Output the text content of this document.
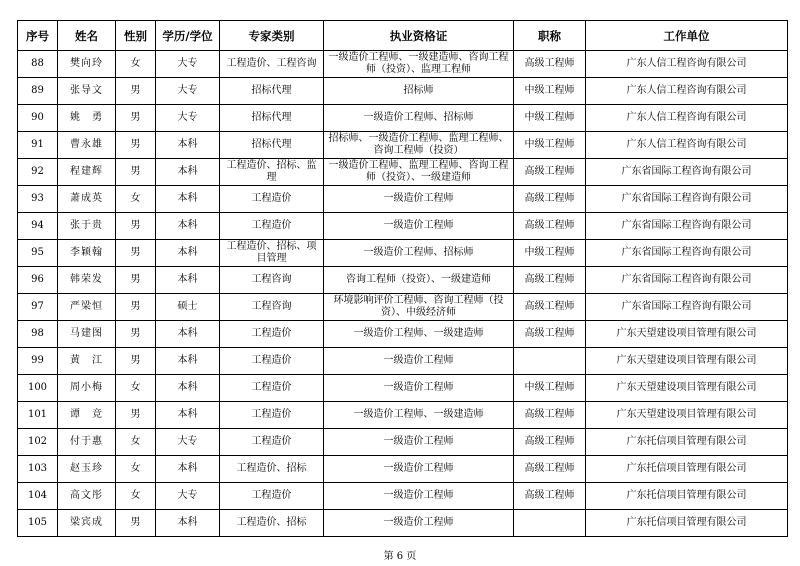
序号	姓名	性别	学历/学位	专家类别	执业资格证	职称	工作单位
88	樊向玲	女	大专	工程造价、工程咨询	一级造价工程师、一级建造师、咨询工程师（投资）、监理工程师	高级工程师	广东人信工程咨询有限公司
89	张导文	男	大专	招标代理	招标师	中级工程师	广东人信工程咨询有限公司
90	姚　勇	男	大专	招标代理	一级造价工程师、招标师	中级工程师	广东人信工程咨询有限公司
91	曹永雄	男	本科	招标代理	招标师、一级造价工程师、监理工程师、咨询工程师（投资）	中级工程师	广东人信工程咨询有限公司
92	程建辉	男	本科	工程造价、招标、监理	一级造价工程师、监理工程师、咨询工程师（投资）、一级建造师	高级工程师	广东省国际工程咨询有限公司
93	萧成英	女	本科	工程造价	一级造价工程师	高级工程师	广东省国际工程咨询有限公司
94	张于贵	男	本科	工程造价	一级造价工程师	高级工程师	广东省国际工程咨询有限公司
95	李颖翰	男	本科	工程造价、招标、项目管理	一级造价工程师、招标师	中级工程师	广东省国际工程咨询有限公司
96	韩荣发	男	本科	工程咨询	咨询工程师（投资）、一级建造师	高级工程师	广东省国际工程咨询有限公司
97	严梁恒	男	硕士	工程咨询	环境影响评价工程师、咨询工程师（投资）、中级经济师	高级工程师	广东省国际工程咨询有限公司
98	马建图	男	本科	工程造价	一级造价工程师、一级建造师	高级工程师	广东天望建设项目管理有限公司
99	黄　江	男	本科	工程造价	一级造价工程师		广东天望建设项目管理有限公司
100	周小梅	女	本科	工程造价	一级造价工程师	中级工程师	广东天望建设项目管理有限公司
101	谭　竞	男	本科	工程造价	一级造价工程师、一级建造师	高级工程师	广东天望建设项目管理有限公司
102	付于惠	女	大专	工程造价	一级造价工程师	高级工程师	广东托信项目管理有限公司
103	赵玉珍	女	本科	工程造价、招标	一级造价工程师	高级工程师	广东托信项目管理有限公司
104	高文彤	女	大专	工程造价	一级造价工程师	高级工程师	广东托信项目管理有限公司
105	梁宾成	男	本科	工程造价、招标	一级造价工程师		广东托信项目管理有限公司
第 6 页
